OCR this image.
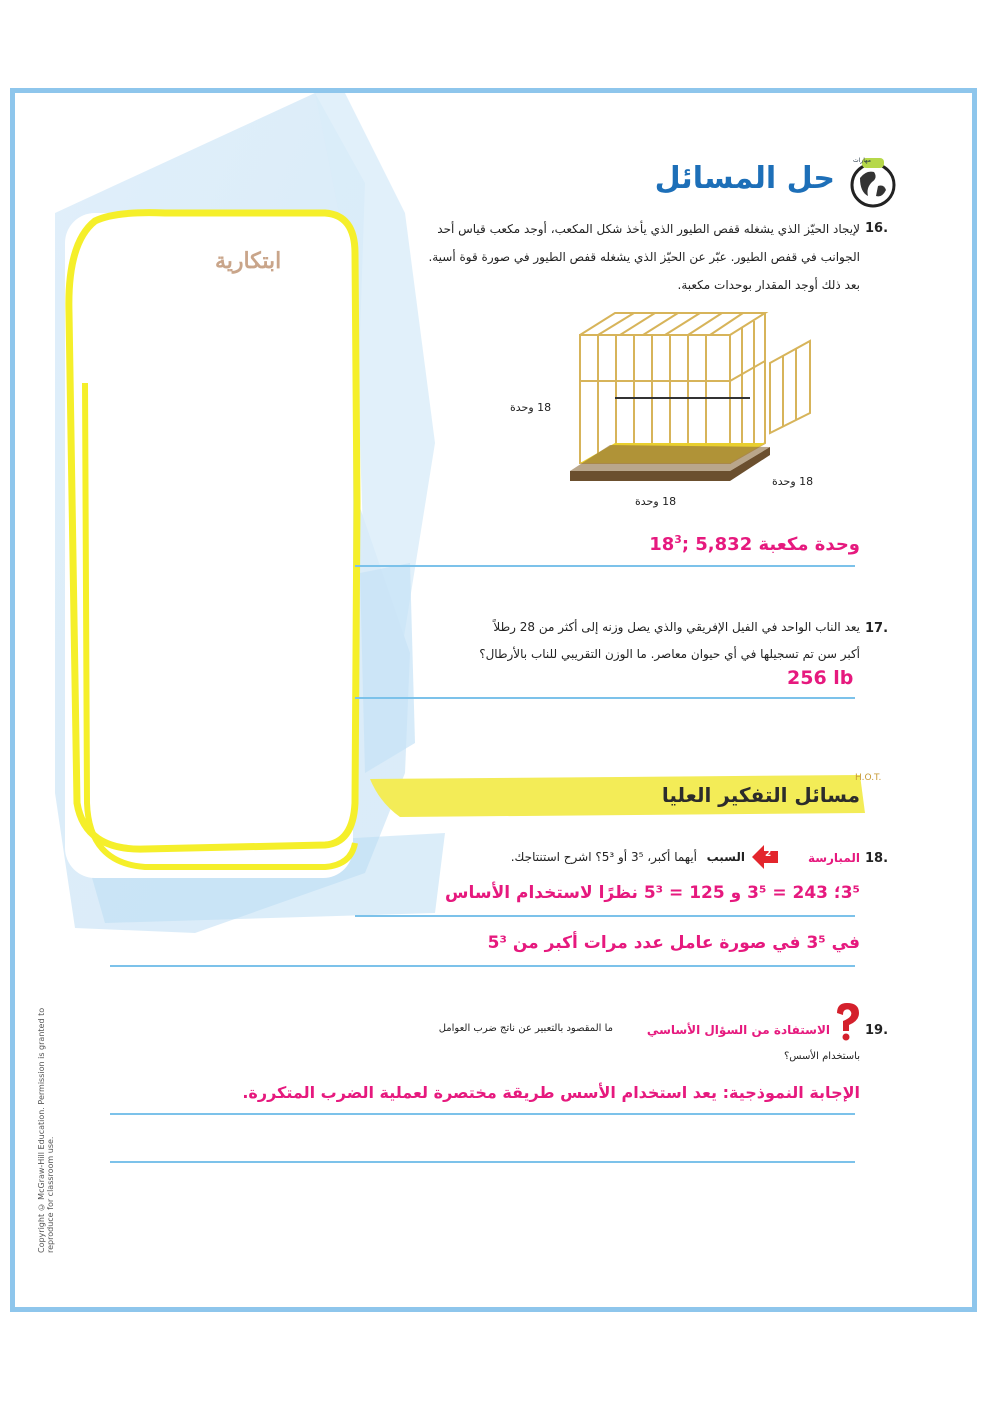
ابتكارية
مهارات
حل المسائل
16.
لإيجاد الحيّز الذي يشغله قفص الطيور الذي يأخذ شكل المكعب، أوجد مكعب قياس أحد الجوانب في قفص الطيور. عبّر عن الحيّز الذي يشغله قفص الطيور في صورة قوة أسية. بعد ذلك أوجد المقدار بوحدات مكعبة.
18 وحدة
18 وحدة
18 وحدة
وحدة مكعبة $18^3$; 5,832
17.
يعد الناب الواحد في الفيل الإفريقي والذي يصل وزنه إلى أكثر من 28 رطلاً
أكبر سن تم تسجيلها في أي حيوان معاصر. ما الوزن التقريبي للناب بالأرطال؟
256 lb
مسائل التفكير العليا
H.O.T.
18.
المبارسة
2
السبب
أيهما أكبر، 3⁵ أو 5³؟ اشرح استنتاجك.
3⁵؛ 243 = 3⁵ و 125 = 5³ نظرًا لاستخدام الأساس
في 3⁵ في صورة عامل عدد مرات أكبر من 5³
19.
الاستفادة من السؤال الأساسي
ما المقصود بالتعبير عن ناتج ضرب العوامل
باستخدام الأسس؟
الإجابة النموذجية: يعد استخدام الأسس طريقة مختصرة لعملية الضرب المتكررة.
Copyright © McGraw-Hill Education. Permission is granted to reproduce for classroom use.
